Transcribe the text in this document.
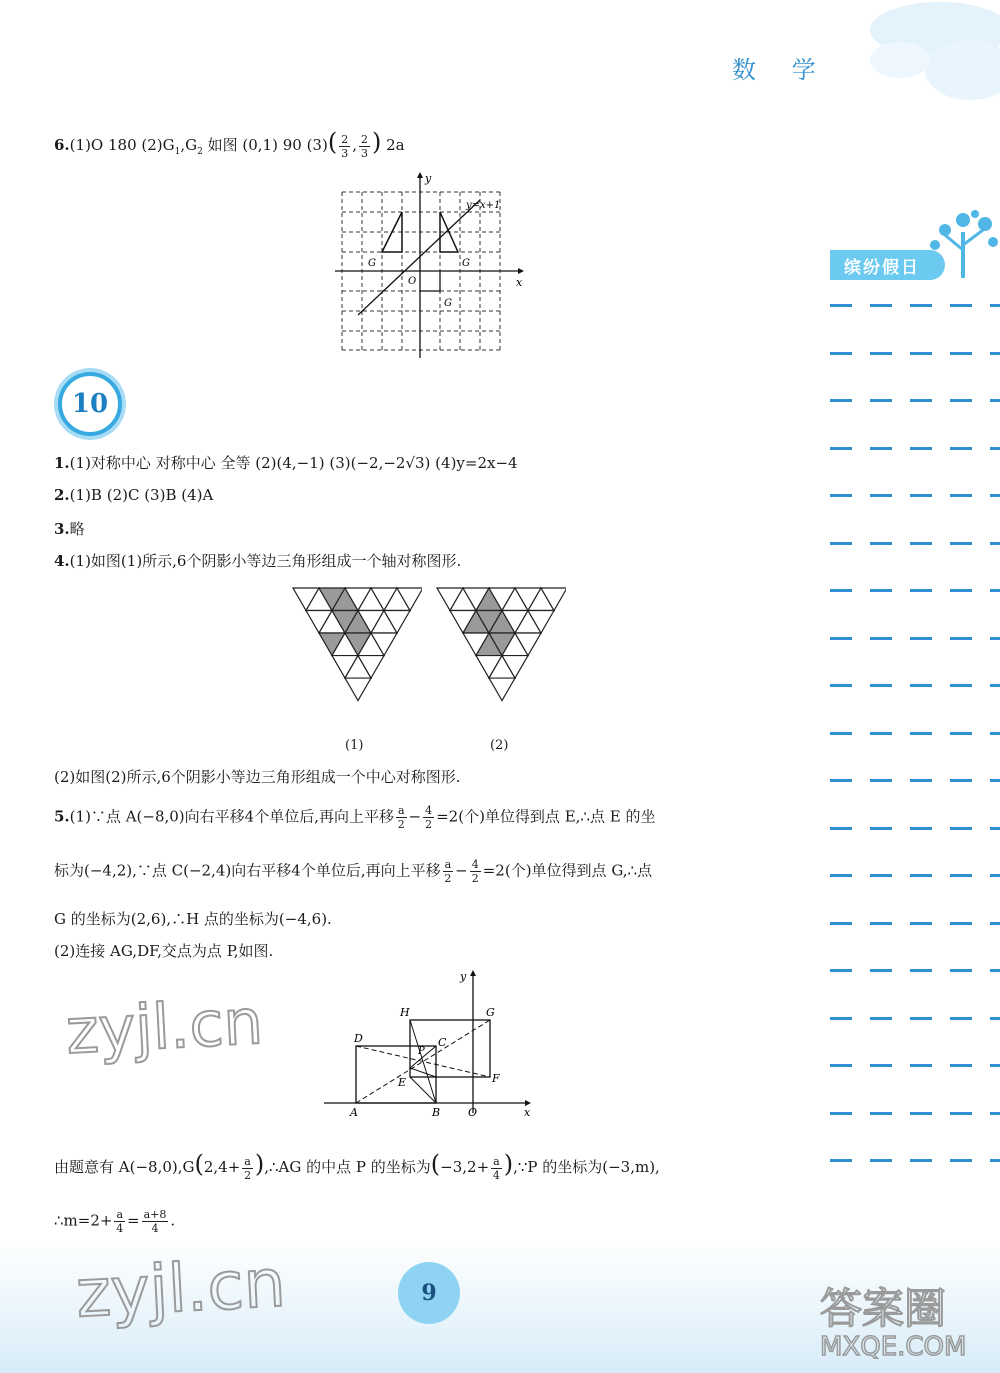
数 学
缤纷假日
6.(1)O 180 $(2)G_1,G_2$ 如图 (0,1) 90 $(3)( \frac{2}{3}$ , $\frac{2}{3}$ ) 2a
y
x
y=x+1
O
G	G
G
10
1.(1)对称中心 对称中心 全等 (2)(4,−1) (3)(−2,−2√3) (4)y=2x−4
2.(1)B (2)C (3)B (4)A
3.略
4.(1)如图(1)所示,6个阴影小等边三角形组成一个轴对称图形.
(1)	(2)
(2)如图(2)所示,6个阴影小等边三角形组成一个中心对称图形.
5.(1)∵点 A(−8,0)向右平移4个单位后,再向上平移 $\frac{a}{2} - \frac{4}{2} =2$(个)单位得到点 E,∴点 E 的坐
标为(−4,2),∵点 C(−2,4)向右平移4个单位后,再向上平移 $\frac{a}{2} - \frac{4}{2} =2$(个)单位得到点 G,∴点
G 的坐标为(2,6),∴H 点的坐标为(−4,6).
(2)连接 AG,DF,交点为点 P,如图.
y
x
H	G
D	C
P
E	F
A	B	O
由题意有 $A(-8,0),G(2,4+ \frac{a}{2}$ ),∴AG 的中点 P 的坐标为($-3,2+ \frac{a}{4}$ ),∵P 的坐标为(−3,m),
∴m=2+ $\frac{a}{4} = \frac{a+8}{4}$ .
9
zyjl.cn
zyjl.cn	答案圈
MXQE.COM
